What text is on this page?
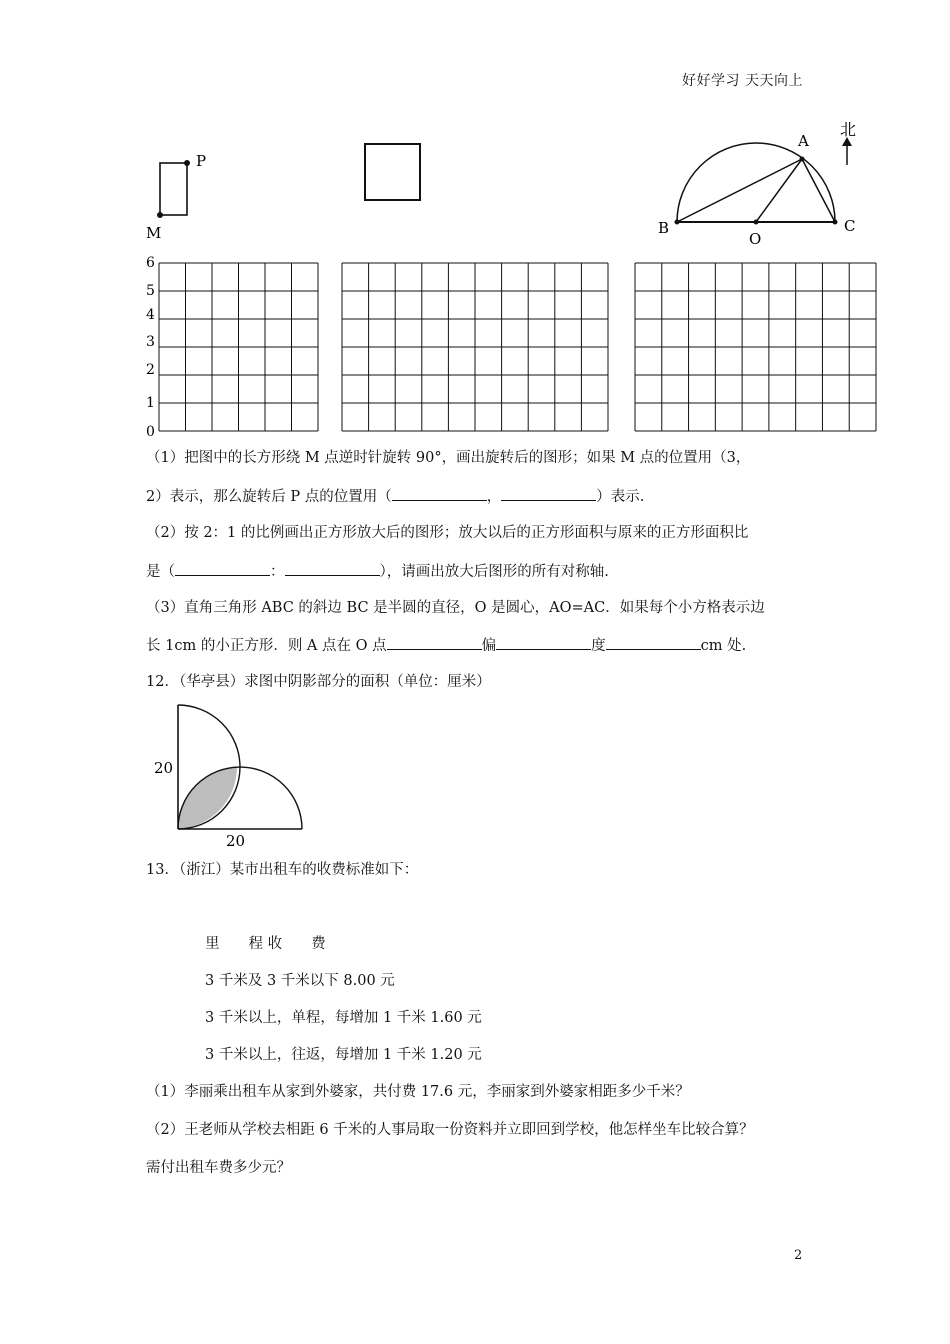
好好学习 天天向上
P
M
A
B
O
C
北
0
1
2
3
4
5
6
（1）把图中的长方形绕 M 点逆时针旋转 90°，画出旋转后的图形；如果 M 点的位置用（3，
2）表示，那么旋转后 P 点的位置用（	，	）表示.
（2）按 2：1 的比例画出正方形放大后的图形；放大以后的正方形面积与原来的正方形面积比
是（	：	），请画出放大后图形的所有对称轴.
（3）直角三角形 ABC 的斜边 BC 是半圆的直径，O 是圆心，AO=AC．如果每个小方格表示边
长 1cm 的小正方形．则 A 点在 O 点	偏	度	cm 处.
12．（华亭县）求图中阴影部分的面积（单位：厘米）
20
20
13．（浙江）某市出租车的收费标准如下：
里　　程 收　　费
3 千米及 3 千米以下 8.00 元
3 千米以上，单程，每增加 1 千米 1.60 元
3 千米以上，往返，每增加 1 千米 1.20 元
（1）李丽乘出租车从家到外婆家，共付费 17.6 元，李丽家到外婆家相距多少千米？
（2）王老师从学校去相距 6 千米的人事局取一份资料并立即回到学校，他怎样坐车比较合算？
需付出租车费多少元？
2
